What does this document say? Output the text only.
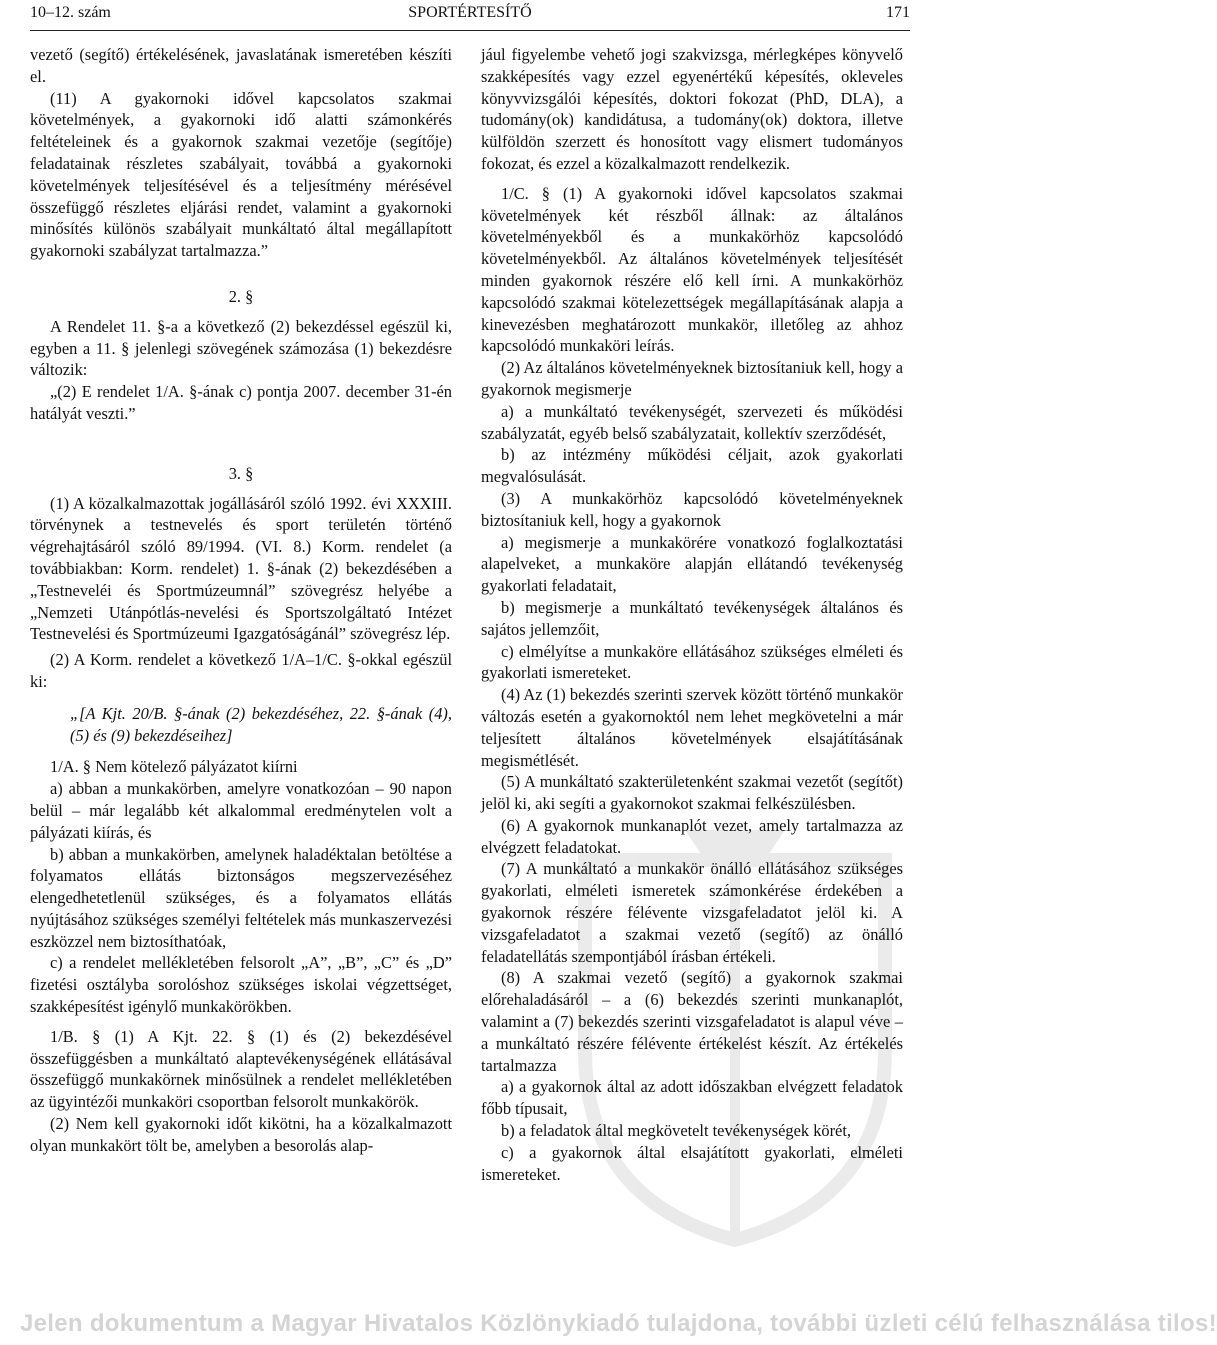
10–12. szám	SPORTÉRTESÍTŐ	171

vezető (segítő) értékelésének, javaslatának ismeretében készíti el.

(11) A gyakornoki idővel kapcsolatos szakmai követelmények, a gyakornoki idő alatti számonkérés feltételeinek és a gyakornok szakmai vezetője (segítője) feladatainak részletes szabályait, továbbá a gyakornoki követelmények teljesítésével és a teljesítmény mérésével összefüggő részletes eljárási rendet, valamint a gyakornoki minősítés különös szabályait munkáltató által megállapított gyakornoki szabályzat tartalmazza.”

2. §

A Rendelet 11. §-a a következő (2) bekezdéssel egészül ki, egyben a 11. § jelenlegi szövegének számozása (1) bekezdésre változik:

„(2) E rendelet 1/A. §-ának c) pontja 2007. december 31-én hatályát veszti.”

3. §

(1) A közalkalmazottak jogállásáról szóló 1992. évi XXXIII. törvénynek a testnevelés és sport területén történő végrehajtásáról szóló 89/1994. (VI. 8.) Korm. rendelet (a továbbiakban: Korm. rendelet) 1. §-ának (2) bekezdésében a „Testneveléi és Sportmúzeumnál” szövegrész helyébe a „Nemzeti Utánpótlás-nevelési és Sportszolgáltató Intézet Testnevelési és Sportmúzeumi Igazgatóságánál” szövegrész lép.

(2) A Korm. rendelet a következő 1/A–1/C. §-okkal egészül ki:

„[A Kjt. 20/B. §-ának (2) bekezdéséhez, 22. §-ának (4), (5) és (9) bekezdéseihez]

1/A. § Nem kötelező pályázatot kiírni

a) abban a munkakörben, amelyre vonatkozóan – 90 napon belül – már legalább két alkalommal eredménytelen volt a pályázati kiírás, és

b) abban a munkakörben, amelynek haladéktalan betöltése a folyamatos ellátás biztonságos megszervezéséhez elengedhetetlenül szükséges, és a folyamatos ellátás nyújtásához szükséges személyi feltételek más munkaszervezési eszközzel nem biztosíthatóak,

c) a rendelet mellékletében felsorolt „A”, „B”, „C” és „D” fizetési osztályba sorolóshoz szükséges iskolai végzettséget, szakképesítést igénylő munkakörökben.

1/B. § (1) A Kjt. 22. § (1) és (2) bekezdésével összefüggésben a munkáltató alaptevékenységének ellátásával összefüggő munkakörnek minősülnek a rendelet mellékletében az ügyintézői munkaköri csoportban felsorolt munkakörök.

(2) Nem kell gyakornoki időt kikötni, ha a közalkalmazott olyan munkakört tölt be, amelyben a besorolás alap-

jául figyelembe vehető jogi szakvizsga, mérlegképes könyvelő szakképesítés vagy ezzel egyenértékű képesítés, okleveles könyvvizsgálói képesítés, doktori fokozat (PhD, DLA), a tudomány(ok) kandidátusa, a tudomány(ok) doktora, illetve külföldön szerzett és honosított vagy elismert tudományos fokozat, és ezzel a közalkalmazott rendelkezik.

1/C. § (1) A gyakornoki idővel kapcsolatos szakmai követelmények két részből állnak: az általános követelményekből és a munkakörhöz kapcsolódó követelményekből. Az általános követelmények teljesítését minden gyakornok részére elő kell írni. A munkakörhöz kapcsolódó szakmai kötelezettségek megállapításának alapja a kinevezésben meghatározott munkakör, illetőleg az ahhoz kapcsolódó munkaköri leírás.

(2) Az általános követelményeknek biztosítaniuk kell, hogy a gyakornok megismerje

a) a munkáltató tevékenységét, szervezeti és működési szabályzatát, egyéb belső szabályzatait, kollektív szerződését,

b) az intézmény működési céljait, azok gyakorlati megvalósulását.

(3) A munkakörhöz kapcsolódó követelményeknek biztosítaniuk kell, hogy a gyakornok

a) megismerje a munkakörére vonatkozó foglalkoztatási alapelveket, a munkaköre alapján ellátandó tevékenység gyakorlati feladatait,

b) megismerje a munkáltató tevékenységek általános és sajátos jellemzőit,

c) elmélyítse a munkaköre ellátásához szükséges elméleti és gyakorlati ismereteket.

(4) Az (1) bekezdés szerinti szervek között történő munkakör változás esetén a gyakornoktól nem lehet megkövetelni a már teljesített általános követelmények elsajátításának megismétlését.

(5) A munkáltató szakterületenként szakmai vezetőt (segítőt) jelöl ki, aki segíti a gyakornokot szakmai felkészülésben.

(6) A gyakornok munkanaplót vezet, amely tartalmazza az elvégzett feladatokat.

(7) A munkáltató a munkakör önálló ellátásához szükséges gyakorlati, elméleti ismeretek számonkérése érdekében a gyakornok részére félévente vizsgafeladatot jelöl ki. A vizsgafeladatot a szakmai vezető (segítő) az önálló feladatellátás szempontjából írásban értékeli.

(8) A szakmai vezető (segítő) a gyakornok szakmai előrehaladásáról – a (6) bekezdés szerinti munkanaplót, valamint a (7) bekezdés szerinti vizsgafeladatot is alapul véve – a munkáltató részére félévente értékelést készít. Az értékelés tartalmazza

a) a gyakornok által az adott időszakban elvégzett feladatok főbb típusait,

b) a feladatok által megkövetelt tevékenységek körét,

c) a gyakornok által elsajátított gyakorlati, elméleti ismereteket.

Jelen dokumentum a Magyar Hivatalos Közlönykiadó tulajdona, további üzleti célú felhasználása tilos!
